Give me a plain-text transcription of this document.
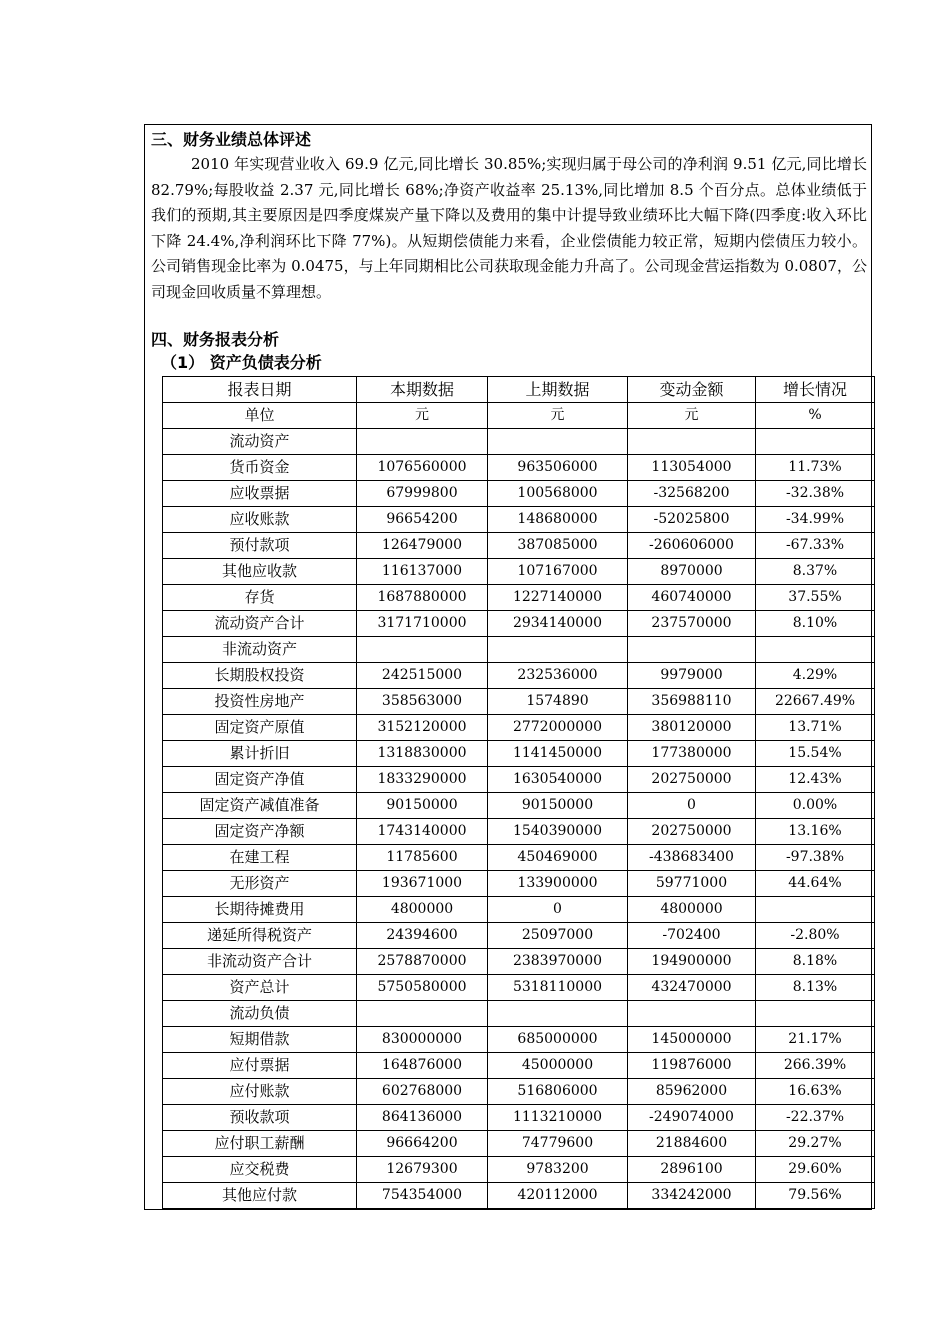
三、财务业绩总体评述
2010 年实现营业收入 69.9 亿元,同比增长 30.85%;实现归属于母公司的净利润 9.51 亿元,同比增长 82.79%;每股收益 2.37 元,同比增长 68%;净资产收益率 25.13%,同比增加 8.5 个百分点。总体业绩低于我们的预期,其主要原因是四季度煤炭产量下降以及费用的集中计提导致业绩环比大幅下降(四季度:收入环比下降 24.4%,净利润环比下降 77%)。从短期偿债能力来看，企业偿债能力较正常，短期内偿债压力较小。公司销售现金比率为 0.0475，与上年同期相比公司获取现金能力升高了。公司现金营运指数为 0.0807，公司现金回收质量不算理想。
四、财务报表分析
（1） 资产负债表分析
报表日期	本期数据	上期数据	变动金额	增长情况
单位	元	元	元	%
流动资产				
货币资金	1076560000	963506000	113054000	11.73%
应收票据	67999800	100568000	-32568200	-32.38%
应收账款	96654200	148680000	-52025800	-34.99%
预付款项	126479000	387085000	-260606000	-67.33%
其他应收款	116137000	107167000	8970000	8.37%
存货	1687880000	1227140000	460740000	37.55%
流动资产合计	3171710000	2934140000	237570000	8.10%
非流动资产				
长期股权投资	242515000	232536000	9979000	4.29%
投资性房地产	358563000	1574890	356988110	22667.49%
固定资产原值	3152120000	2772000000	380120000	13.71%
累计折旧	1318830000	1141450000	177380000	15.54%
固定资产净值	1833290000	1630540000	202750000	12.43%
固定资产减值准备	90150000	90150000	0	0.00%
固定资产净额	1743140000	1540390000	202750000	13.16%
在建工程	11785600	450469000	-438683400	-97.38%
无形资产	193671000	133900000	59771000	44.64%
长期待摊费用	4800000	0	4800000	
递延所得税资产	24394600	25097000	-702400	-2.80%
非流动资产合计	2578870000	2383970000	194900000	8.18%
资产总计	5750580000	5318110000	432470000	8.13%
流动负债				
短期借款	830000000	685000000	145000000	21.17%
应付票据	164876000	45000000	119876000	266.39%
应付账款	602768000	516806000	85962000	16.63%
预收款项	864136000	1113210000	-249074000	-22.37%
应付职工薪酬	96664200	74779600	21884600	29.27%
应交税费	12679300	9783200	2896100	29.60%
其他应付款	754354000	420112000	334242000	79.56%
